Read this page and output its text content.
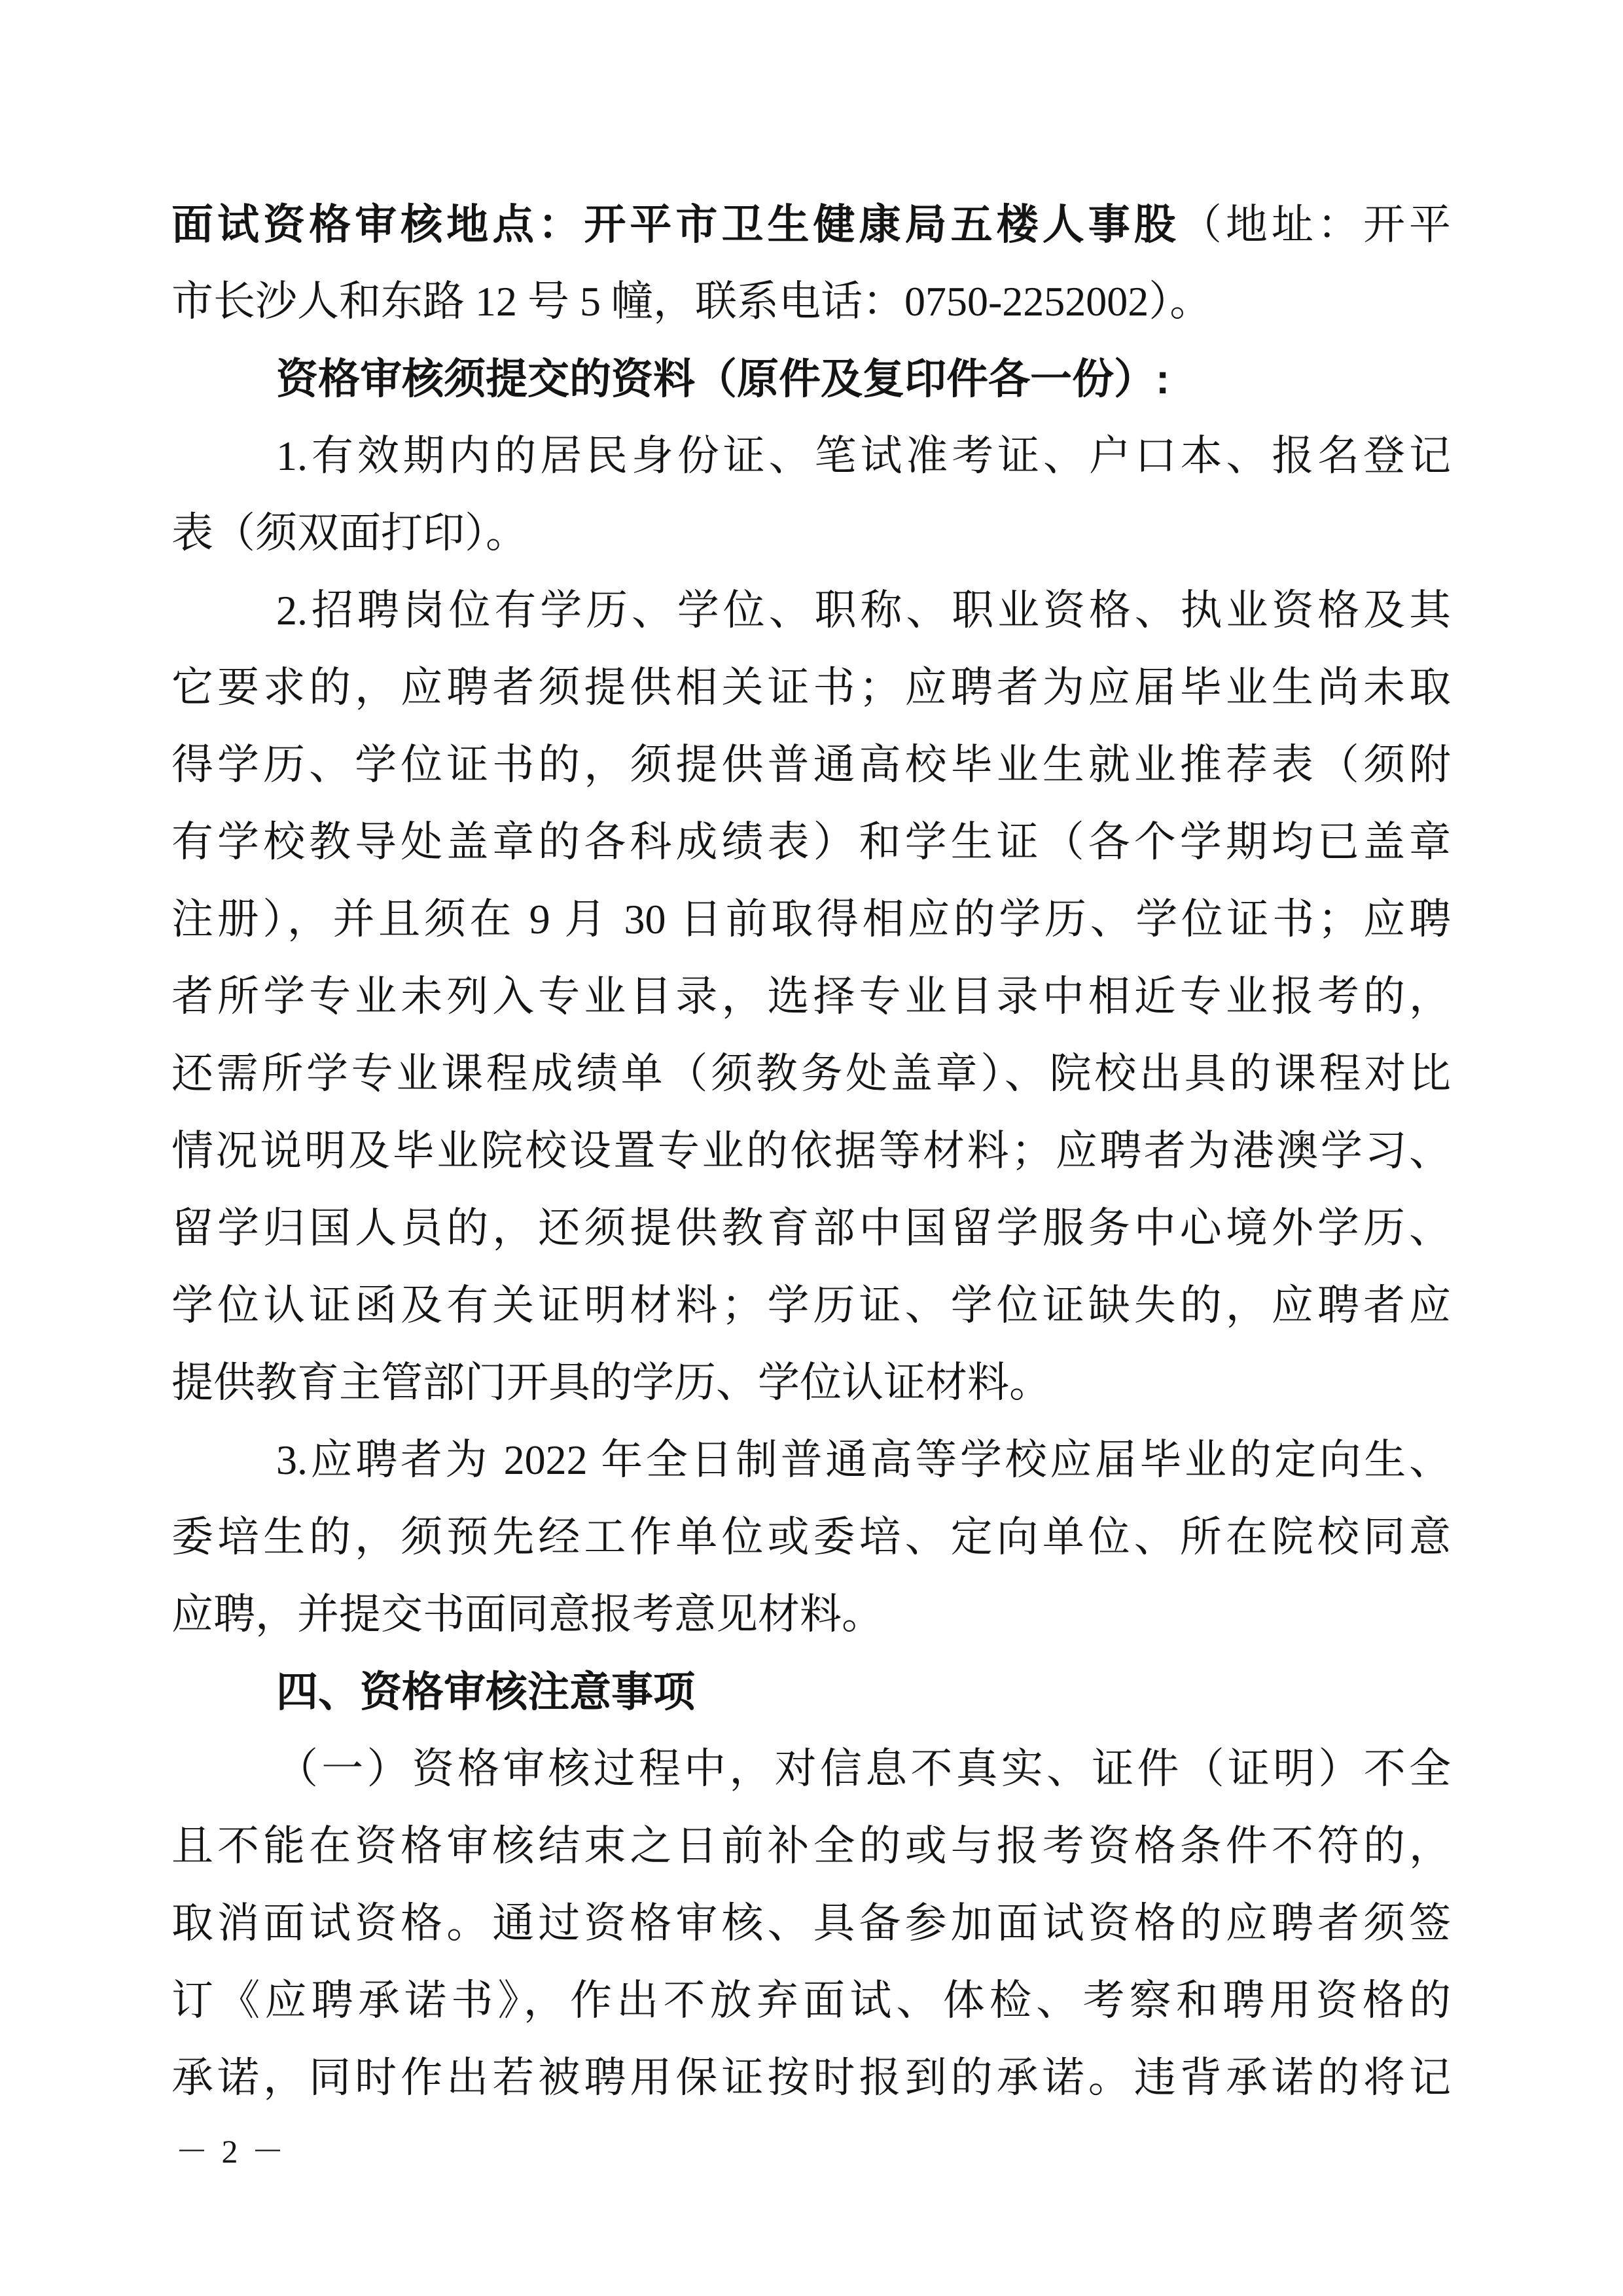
面试资格审核地点：开平市卫生健康局五楼人事股（地址：开平
市长沙人和东路 12 号 5 幢，联系电话：0750-2252002）。
资格审核须提交的资料（原件及复印件各一份）:
1.有效期内的居民身份证、笔试准考证、户口本、报名登记
表（须双面打印）。
2.招聘岗位有学历、学位、职称、职业资格、执业资格及其
它要求的，应聘者须提供相关证书；应聘者为应届毕业生尚未取
得学历、学位证书的，须提供普通高校毕业生就业推荐表（须附
有学校教导处盖章的各科成绩表）和学生证（各个学期均已盖章
注册），并且须在 9 月 30 日前取得相应的学历、学位证书；应聘
者所学专业未列入专业目录，选择专业目录中相近专业报考的，
还需所学专业课程成绩单（须教务处盖章）、院校出具的课程对比
情况说明及毕业院校设置专业的依据等材料；应聘者为港澳学习、
留学归国人员的，还须提供教育部中国留学服务中心境外学历、
学位认证函及有关证明材料；学历证、学位证缺失的，应聘者应
提供教育主管部门开具的学历、学位认证材料。
3.应聘者为 2022 年全日制普通高等学校应届毕业的定向生、
委培生的，须预先经工作单位或委培、定向单位、所在院校同意
应聘，并提交书面同意报考意见材料。
四、资格审核注意事项
（一）资格审核过程中，对信息不真实、证件（证明）不全
且不能在资格审核结束之日前补全的或与报考资格条件不符的，
取消面试资格。通过资格审核、具备参加面试资格的应聘者须签
订《应聘承诺书》，作出不放弃面试、体检、考察和聘用资格的
承诺，同时作出若被聘用保证按时报到的承诺。违背承诺的将记
－ 2 －
